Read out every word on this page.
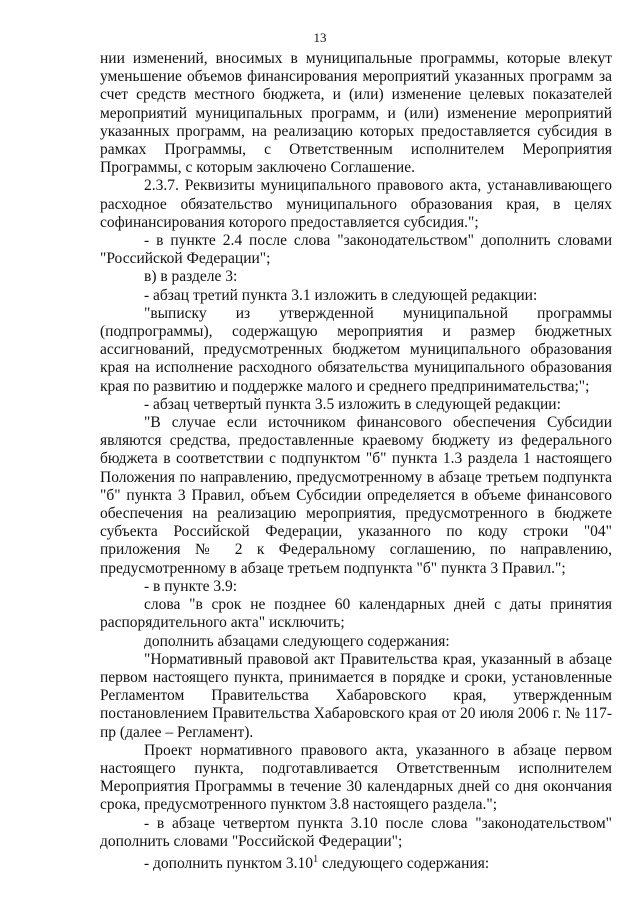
13

нии изменений, вносимых в муниципальные программы, которые влекут уменьшение объемов финансирования мероприятий указанных программ за счет средств местного бюджета, и (или) изменение целевых показателей мероприятий муниципальных программ, и (или) изменение мероприятий указанных программ, на реализацию которых предоставляется субсидия в рамках Программы, с Ответственным исполнителем Мероприятия Программы, с которым заключено Соглашение.

2.3.7. Реквизиты муниципального правового акта, устанавливающего расходное обязательство муниципального образования края, в целях софинансирования которого предоставляется субсидия.";

- в пункте 2.4 после слова "законодательством" дополнить словами "Российской Федерации";

в) в разделе 3:

- абзац третий пункта 3.1 изложить в следующей редакции:

"выписку из утвержденной муниципальной программы (подпрограммы), содержащую мероприятия и размер бюджетных ассигнований, предусмотренных бюджетом муниципального образования края на исполнение расходного обязательства муниципального образования края по развитию и поддержке малого и среднего предпринимательства;";

- абзац четвертый пункта 3.5 изложить в следующей редакции:

"В случае если источником финансового обеспечения Субсидии являются средства, предоставленные краевому бюджету из федерального бюджета в соответствии с подпунктом "б" пункта 1.3 раздела 1 настоящего Положения по направлению, предусмотренному в абзаце третьем подпункта "б" пункта 3 Правил, объем Субсидии определяется в объеме финансового обеспечения на реализацию мероприятия, предусмотренного в бюджете субъекта Российской Федерации, указанного по коду строки "04" приложения № 2 к Федеральному соглашению, по направлению, предусмотренному в абзаце третьем подпункта "б" пункта 3 Правил.";

- в пункте 3.9:

слова "в срок не позднее 60 календарных дней с даты принятия распорядительного акта" исключить;

дополнить абзацами следующего содержания:

"Нормативный правовой акт Правительства края, указанный в абзаце первом настоящего пункта, принимается в порядке и сроки, установленные Регламентом Правительства Хабаровского края, утвержденным постановлением Правительства Хабаровского края от 20 июля 2006 г. № 117-пр (далее – Регламент).

Проект нормативного правового акта, указанного в абзаце первом настоящего пункта, подготавливается Ответственным исполнителем Мероприятия Программы в течение 30 календарных дней со дня окончания срока, предусмотренного пунктом 3.8 настоящего раздела.";

- в абзаце четвертом пункта 3.10 после слова "законодательством" дополнить словами "Российской Федерации";

- дополнить пунктом 3.10$^1$ следующего содержания:
